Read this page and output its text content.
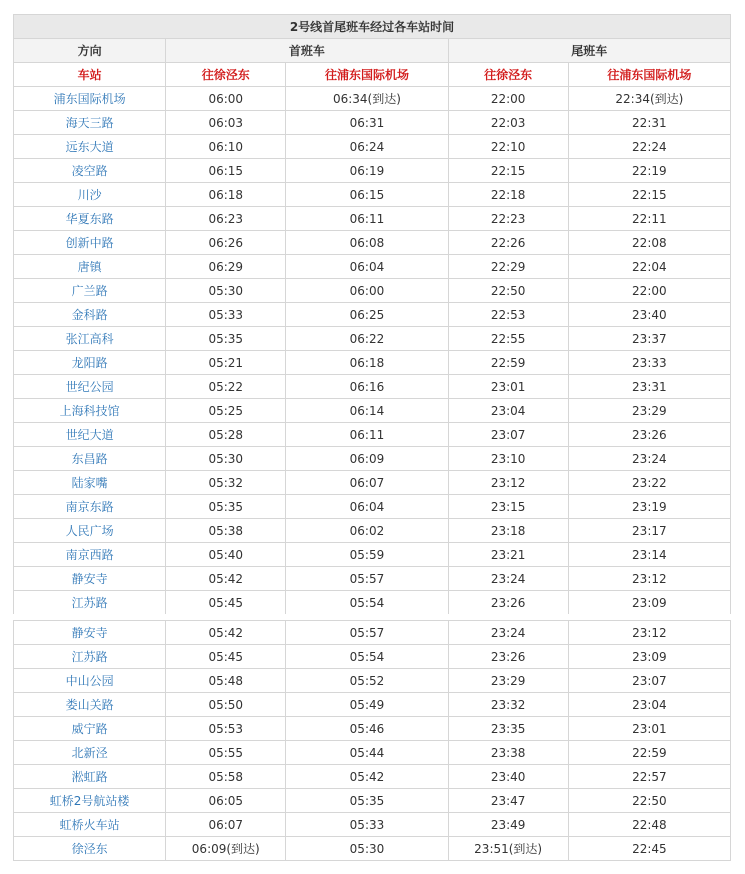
2号线首尾班车经过各车站时间				
方向	首班车		尾班车	
车站	往徐泾东	往浦东国际机场	往徐泾东	往浦东国际机场
浦东国际机场	06:00	06:34(到达)	22:00	22:34(到达)
海天三路	06:03	06:31	22:03	22:31
远东大道	06:10	06:24	22:10	22:24
凌空路	06:15	06:19	22:15	22:19
川沙	06:18	06:15	22:18	22:15
华夏东路	06:23	06:11	22:23	22:11
创新中路	06:26	06:08	22:26	22:08
唐镇	06:29	06:04	22:29	22:04
广兰路	05:30	06:00	22:50	22:00
金科路	05:33	06:25	22:53	23:40
张江高科	05:35	06:22	22:55	23:37
龙阳路	05:21	06:18	22:59	23:33
世纪公园	05:22	06:16	23:01	23:31
上海科技馆	05:25	06:14	23:04	23:29
世纪大道	05:28	06:11	23:07	23:26
东昌路	05:30	06:09	23:10	23:24
陆家嘴	05:32	06:07	23:12	23:22
南京东路	05:35	06:04	23:15	23:19
人民广场	05:38	06:02	23:18	23:17
南京西路	05:40	05:59	23:21	23:14
静安寺	05:42	05:57	23:24	23:12
江苏路	05:45	05:54	23:26	23:09
静安寺	05:42	05:57	23:24	23:12
江苏路	05:45	05:54	23:26	23:09
中山公园	05:48	05:52	23:29	23:07
娄山关路	05:50	05:49	23:32	23:04
威宁路	05:53	05:46	23:35	23:01
北新泾	05:55	05:44	23:38	22:59
淞虹路	05:58	05:42	23:40	22:57
虹桥2号航站楼	06:05	05:35	23:47	22:50
虹桥火车站	06:07	05:33	23:49	22:48
徐泾东	06:09(到达)	05:30	23:51(到达)	22:45
